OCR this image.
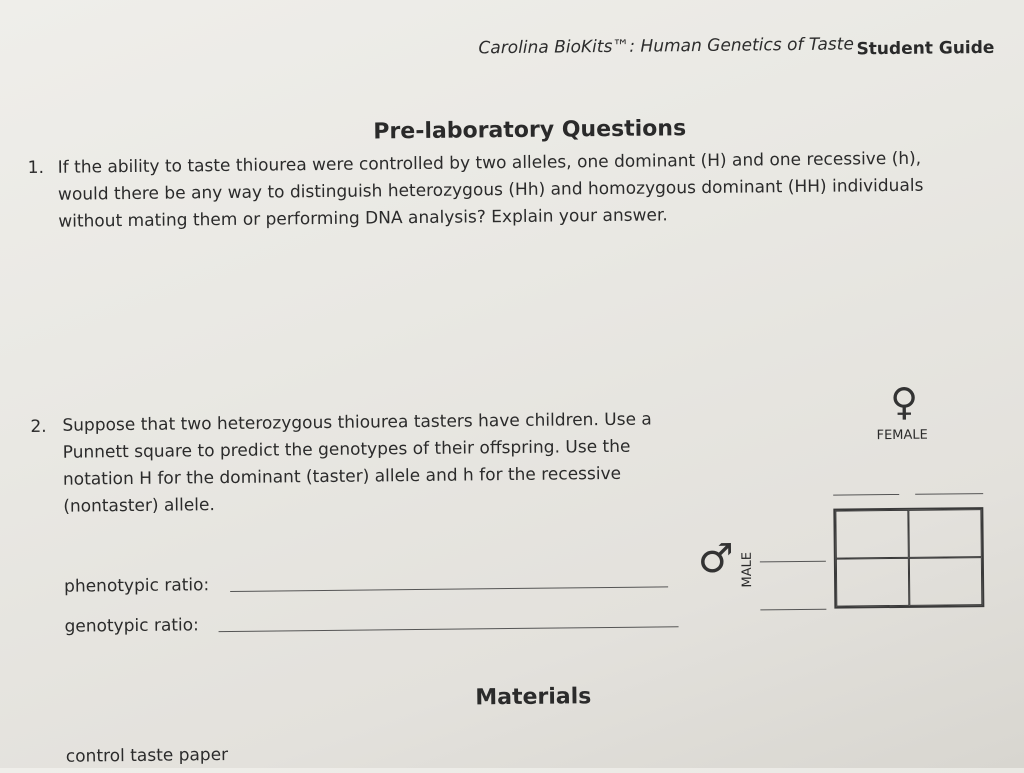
Carolina BioKits™: Human Genetics of Taste Student Guide
Pre-laboratory Questions
1. If the ability to taste thiourea were controlled by two alleles, one dominant (H) and one recessive (h),
would there be any way to distinguish heterozygous (Hh) and homozygous dominant (HH) individuals
without mating them or performing DNA analysis? Explain your answer.
2. Suppose that two heterozygous thiourea tasters have children. Use a
Punnett square to predict the genotypes of their offspring. Use the
notation H for the dominant (taster) allele and h for the recessive
(nontaster) allele.
phenotypic ratio:
genotypic ratio:
♀
FEMALE
♂ MALE
Materials
control taste paper
